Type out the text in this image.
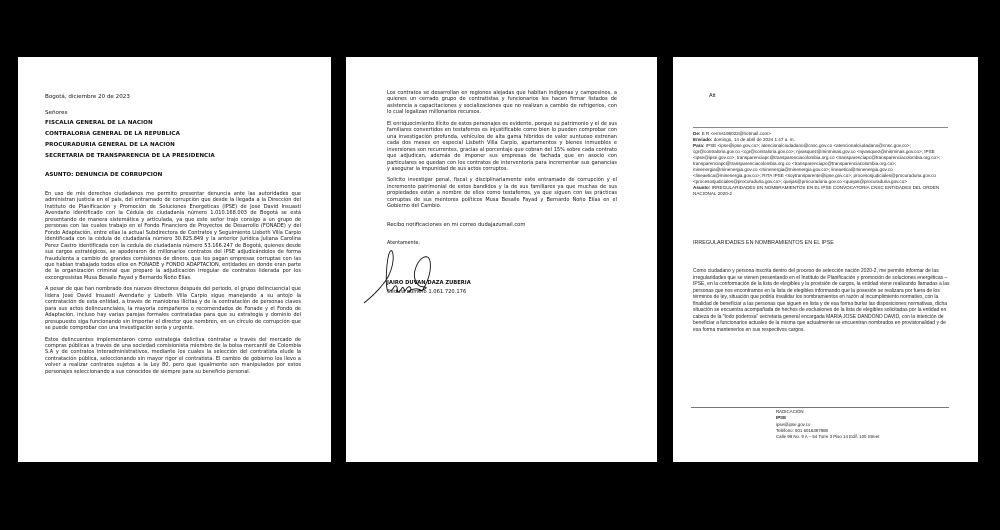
Bogotá, diciembre 20 de 2023
Señores
FISCALIA GENERAL DE LA NACION
CONTRALORIA GENERAL DE LA REPUBLICA
PROCURADURIA GENERAL DE LA NACION
SECRETARIA DE TRANSPARENCIA DE LA PRESIDENCIA
ASUNTO: DENUNCIA DE CORRUPCION

En uso de mis derechos ciudadanos me permito presentar denuncia ante las autoridades que administran justicia en el país, del entramado de corrupción que desde la llegada a la Dirección del Instituto de Planificación y Promoción de Soluciones Energéticas (IPSE) de José David Insuasti Avendaño identificado con la Cédula de ciudadanía número 1.010.168.003 de Bogotá se está presentando de manera sistemática y articulada, ya que este señor trajo consigo a un grupo de personas con las cuales trabajo en el Fondo Financiero de Proyectos de Desarrollo (FONADE) y del Fondo Adaptación, entre ellas la actual Subdirectora de Contratos y Seguimiento Lisbeth Villa Carpio identificada con la cédula de ciudadanía número 30.825.849 y la anterior Jurídica Juliana Carolina Perez Castro identificada con la cedula de ciudadanía número 53.166.247 de Bogotá, quienes desde sus cargos estratégicos, se apoderaron de millonarios contratos del IPSE adjudicándolos de forma fraudulenta a cambio de grandes comisiones de dinero, que les pagan empresas corruptas con las que habían trabajado todos ellos en FONADE y FONDO ADAPTACION, entidades en donde eran parte de la organización criminal que preparó la adjudicación irregular de contratos liderada por los excongresistas Musa Besaile Fayad y Bernardo Ñoño Elías.

A pesar de que han nombrado dos nuevos directores después del periodo, el grupo delincuencial que lidera José David Insuasti Avendaño y Lisbeth Villa Carpio sigue manejando a su antojo la contratación de esta entidad, a través de maniobras ilícitas y de la contratación de personas claves para sus actos delincuenciales, la mayoría compañeros o recomendados de Fonade y el Fondo de Adaptación, incluso hay varias parejas formales contratadas para que su estrategia y dominio del presupuesto siga funcionando sin importar el director que nombren, en un círculo de corrupción que se puede comprobar con una investigación seria y urgente.

Estos delincuentes implementaron como estrategia delictiva contratar a través del mercado de compras públicas a través de una sociedad comisionista miembro de la bolsa mercantil de Colombia S.A y de contratos interadministrativos, mediante los cuales la selección del contratista elude la contratación pública, seleccionando sin mayor rigor el contratista. El cambio de gobierno los llevo a volver a realizar contratos sujetos a la Ley 80, pero que igualmente son manipulados por estos personajes seleccionando a sus conocidos de siempre para su beneficio personal.

Los contratos se desarrollan en regiones alejadas que habitan indígenas y campesinos, a quienes un cerrado grupo de contratistas y funcionarios les hacen firmar listados de asistencia a capacitaciones y socializaciones que no realizan a cambio de refrigerios, con lo cual legalizan millonarios recursos.

El enriquecimiento ilícito de estos personajes es evidente, porque su patrimonio y el de sus familiares convertidos en testaferros es injustificable como bien lo pueden comprobar con una investigación profunda, vehículos de alta gama híbridos de valor suntuoso estrenan cada dos meses en especial Lisbeth Villa Carpio, apartamentos y bienes inmuebles e inversiones son recurrentes, gracias al porcentaje que cobran del 15% sobre cada contrato que adjudican, además de imponer sus empresas de fachada que en asocio con particulares se quedan con los contratos de interventoría para incrementar sus ganancias y asegurar la impunidad de sus actos corruptos.

Solicito investigar penal, fiscal y disciplinariamente este entramado de corrupción y el incremento patrimonial de estos bandidos y la de sus familiares ya que muchas de sus propiedades están a nombre de ellos como testaferros, ya que siguen con las prácticas corruptas de sus mentores políticos Musa Besaile Fayad y Bernardo Ñoño Elías en el Gobierno del Cambio.

Recibo notificaciones en mi correo dudajazumail.com
Atentamente,
JAIRO DUVAN DAZA ZUBERIA
Cedula numero 1.061.720.176
Att
De: E R <erms196022@hotmail.com>
Enviado: domingo, 14 de abril de 2024 1:47 a. m.
Para: IPSE <ipse@ipse.gov.co>; atencionalciudadano@cnsc.gov.co <atencionalciudadano@cnsc.gov.co>; cgr@contraloria.gov.co <cgr@contraloria.gov.co>; njvasquez@minminas.gov.co <njvasquez@minminas.gov.co>; IPSE <ipse@ipse.gov.co>; transparenciapc@transparenciacolombia.org.co <transparenciapc@transparenciacolombia.org.co>; transparenciapc@transparenciacolombia.org.co <transparenciapc@transparenciacolombia.org.co>; minenergia@minenergia.gov.co <minenergia@minenergia.gov.co>; lineaetica@minenergia.gov.co <lineaetica@minenergia.gov.co>; RITA IPSE <soytransparente@ipse.gov.co>; procesosjudiciales@procuraduria.gov.co <procesosjudiciales@procuraduria.gov.co>; quejas@procuraduria.gov.co <quejas@procuraduria.gov.co>
Asunto: IRREGULARIDADES EN NOMBRAMIENTOS EN EL IPSE CONVOCATORIA CNSC ENTIDADES DEL ORDEN NACIONAL 2020-2
IRREGULARIDADES EN NOMBRAMIENTOS EN EL IPSE
Como ciudadano y persona inscrita dentro del proceso de selección nación 2020-2, me permito informar de las irregularidades que se vienen presentando en el Instituto de Planificación y promoción de soluciones energéticas – IPSE, en la conformación de la lista de elegibles y la provisión de cargos, la entidad viene realizando llamadas a las personas que nos encontramos en la lista de elegibles informando que la posesión se realizara por fuera de los términos de ley, situación que podría invalidar los nombramientos en razón al incumplimiento normativo, con la finalidad de beneficiar a las personas que siguen en lista y de esa forma burlar las disposiciones normativas, dicha situación se encuentra acompañada de hechos de exclusiones de la lista de elegibles solicitadas por la entidad en cabeza de la "todo poderosa" secretaria general encargada MARIA JOSE DANDOND DAVID, con la intención de beneficiar a funcionarios actuales de la misma que actualmente se encuentran nombrados en provisionalidad y de esa forma mantenerlos en sus respectivos cargos.
RADICACIÓN
IPSE
ipse@ipse.gov.co
Teléfono: 601 6016397888
Calle 99 No. 9 A – 54 Torre 3 Piso 14 Edif. 100 Street
